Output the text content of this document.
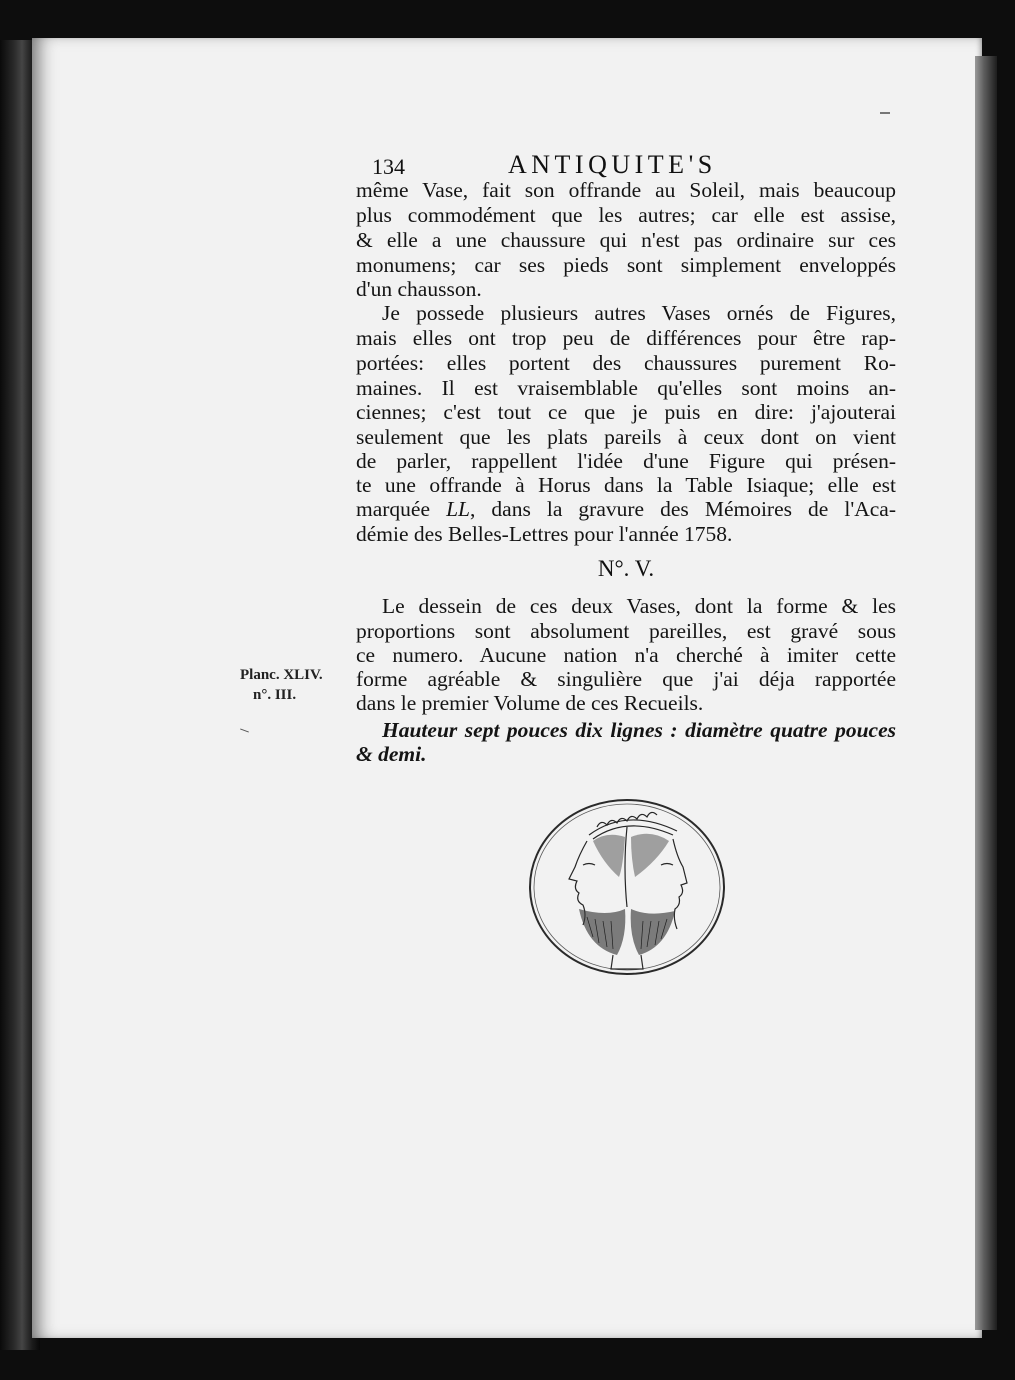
134	ANTIQUITE'S
même Vase, fait son offrande au Soleil, mais beaucoup
plus commodément que les autres; car elle est assise,
& elle a une chaussure qui n'est pas ordinaire sur ces
monumens; car ses pieds sont simplement enveloppés
d'un chausson.
Je possede plusieurs autres Vases ornés de Figures,
mais elles ont trop peu de différences pour être rap-
portées: elles portent des chaussures purement Ro-
maines. Il est vraisemblable qu'elles sont moins an-
ciennes; c'est tout ce que je puis en dire: j'ajouterai
seulement que les plats pareils à ceux dont on vient
de parler, rappellent l'idée d'une Figure qui présen-
te une offrande à Horus dans la Table Isiaque; elle est
marquée LL, dans la gravure des Mémoires de l'Aca-
démie des Belles-Lettres pour l'année 1758.
N°. V.
Le dessein de ces deux Vases, dont la forme & les
proportions sont absolument pareilles, est gravé sous
ce numero. Aucune nation n'a cherché à imiter cette
forme agréable & singulière que j'ai déja rapportée
dans le premier Volume de ces Recueils.
Planc. XLIV.
n°. III.
Hauteur sept pouces dix lignes : diamètre quatre pouces
& demi.
